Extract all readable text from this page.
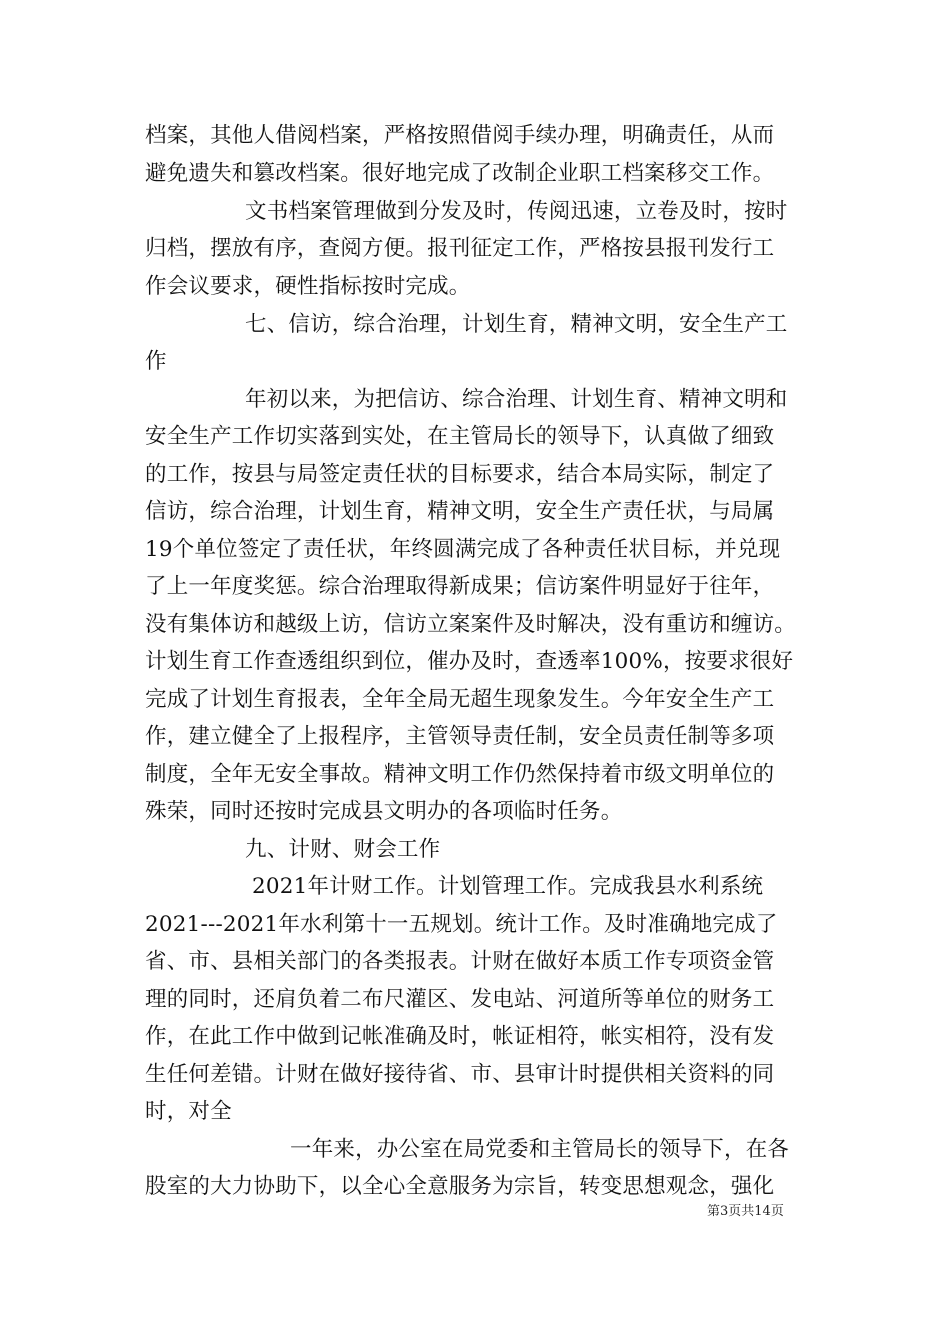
档案，其他人借阅档案，严格按照借阅手续办理，明确责任，从而
避免遗失和篡改档案。很好地完成了改制企业职工档案移交工作。
文书档案管理做到分发及时，传阅迅速，立卷及时，按时
归档，摆放有序，查阅方便。报刊征定工作，严格按县报刊发行工
作会议要求，硬性指标按时完成。
七、信访，综合治理，计划生育，精神文明，安全生产工
作
年初以来，为把信访、综合治理、计划生育、精神文明和
安全生产工作切实落到实处，在主管局长的领导下，认真做了细致
的工作，按县与局签定责任状的目标要求，结合本局实际，制定了
信访，综合治理，计划生育，精神文明，安全生产责任状，与局属
19个单位签定了责任状，年终圆满完成了各种责任状目标，并兑现
了上一年度奖惩。综合治理取得新成果；信访案件明显好于往年，
没有集体访和越级上访，信访立案案件及时解决，没有重访和缠访。
计划生育工作查透组织到位，催办及时，查透率100%，按要求很好
完成了计划生育报表，全年全局无超生现象发生。今年安全生产工
作，建立健全了上报程序，主管领导责任制，安全员责任制等多项
制度，全年无安全事故。精神文明工作仍然保持着市级文明单位的
殊荣，同时还按时完成县文明办的各项临时任务。
九、计财、财会工作
2021年计财工作。计划管理工作。完成我县水利系统
2021---2021年水利第十一五规划。统计工作。及时准确地完成了
省、市、县相关部门的各类报表。计财在做好本质工作专项资金管
理的同时，还肩负着二布尺灌区、发电站、河道所等单位的财务工
作，在此工作中做到记帐准确及时，帐证相符，帐实相符，没有发
生任何差错。计财在做好接待省、市、县审计时提供相关资料的同
时，对全
一年来，办公室在局党委和主管局长的领导下，在各
股室的大力协助下，以全心全意服务为宗旨，转变思想观念，强化
第3页共14页
